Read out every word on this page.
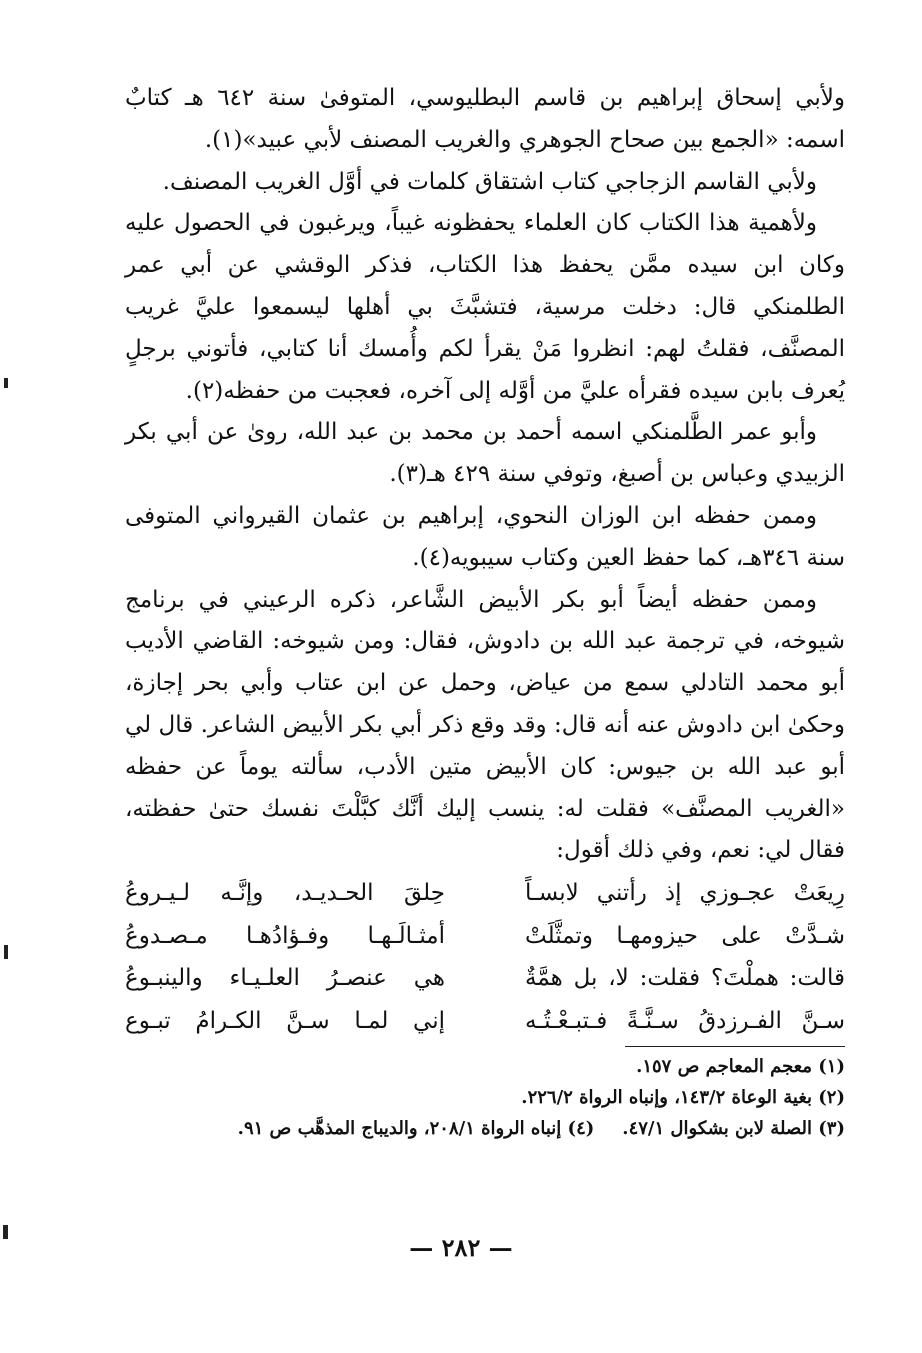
ولأبي إسحاق إبراهيم بن قاسم البطليوسي، المتوفىٰ سنة ٦٤٢ هـ كتابٌ اسمه: «الجمع بين صحاح الجوهري والغريب المصنف لأبي عبيد»(١).

ولأبي القاسم الزجاجي كتاب اشتقاق كلمات في أوَّل الغريب المصنف.

ولأهمية هذا الكتاب كان العلماء يحفظونه غيباً، ويرغبون في الحصول عليه وكان ابن سيده ممَّن يحفظ هذا الكتاب، فذكر الوقشي عن أبي عمر الطلمنكي قال: دخلت مرسية، فتشبَّثَ بي أهلها ليسمعوا عليَّ غريب المصنَّف، فقلتُ لهم: انظروا مَنْ يقرأ لكم وأُمسك أنا كتابي، فأتوني برجلٍ يُعرف بابن سيده فقرأه عليَّ من أوَّله إلى آخره، فعجبت من حفظه(٢).

وأبو عمر الطَّلمنكي اسمه أحمد بن محمد بن عبد الله، روىٰ عن أبي بكر الزبيدي وعباس بن أصبغ، وتوفي سنة ٤٢٩ هـ(٣).

وممن حفظه ابن الوزان النحوي، إبراهيم بن عثمان القيرواني المتوفى سنة ٣٤٦هـ، كما حفظ العين وكتاب سيبويه(٤).

وممن حفظه أيضاً أبو بكر الأبيض الشَّاعر، ذكره الرعيني في برنامج شيوخه، في ترجمة عبد الله بن دادوش، فقال: ومن شيوخه: القاضي الأديب أبو محمد التادلي سمع من عياض، وحمل عن ابن عتاب وأبي بحر إجازة، وحكىٰ ابن دادوش عنه أنه قال: وقد وقع ذكر أبي بكر الأبيض الشاعر. قال لي أبو عبد الله بن جيوس: كان الأبيض متين الأدب، سألته يوماً عن حفظه «الغريب المصنَّف» فقلت له: ينسب إليك أنَّك كبَّلْتَ نفسك حتىٰ حفظته، فقال لي: نعم، وفي ذلك أقول:

رِيعَتْ عجـوزي إذ رأتني لابسـاً
حِلقَ الحـديـد، وإنَّـه لـيـروعُ
شـدَّتْ على حيزومهـا وتمثَّلَتْ
أمثـالَـهـا وفـؤادُهـا مـصـدوعُ
قالت: هملْتَ؟ فقلت: لا، بل همَّةٌ
هي عنصـرُ العلـيـاء والينبـوعُ
سـنَّ الفـرزدقُ سـنَّـةً فـتبـعْـتُـه
إني لمـا سـنَّ الكـرامُ تبـوع
(١) معجم المعاجم ص ١٥٧.
(٢) بغية الوعاة ١٤٣/٢، وإنباه الرواة ٢٢٦/٢.
(٣) الصلة لابن بشكوال ٤٧/١.
(٤) إنباه الرواة ٢٠٨/١، والديباج المذهَّب ص ٩١.
— ٢٨٢ —
